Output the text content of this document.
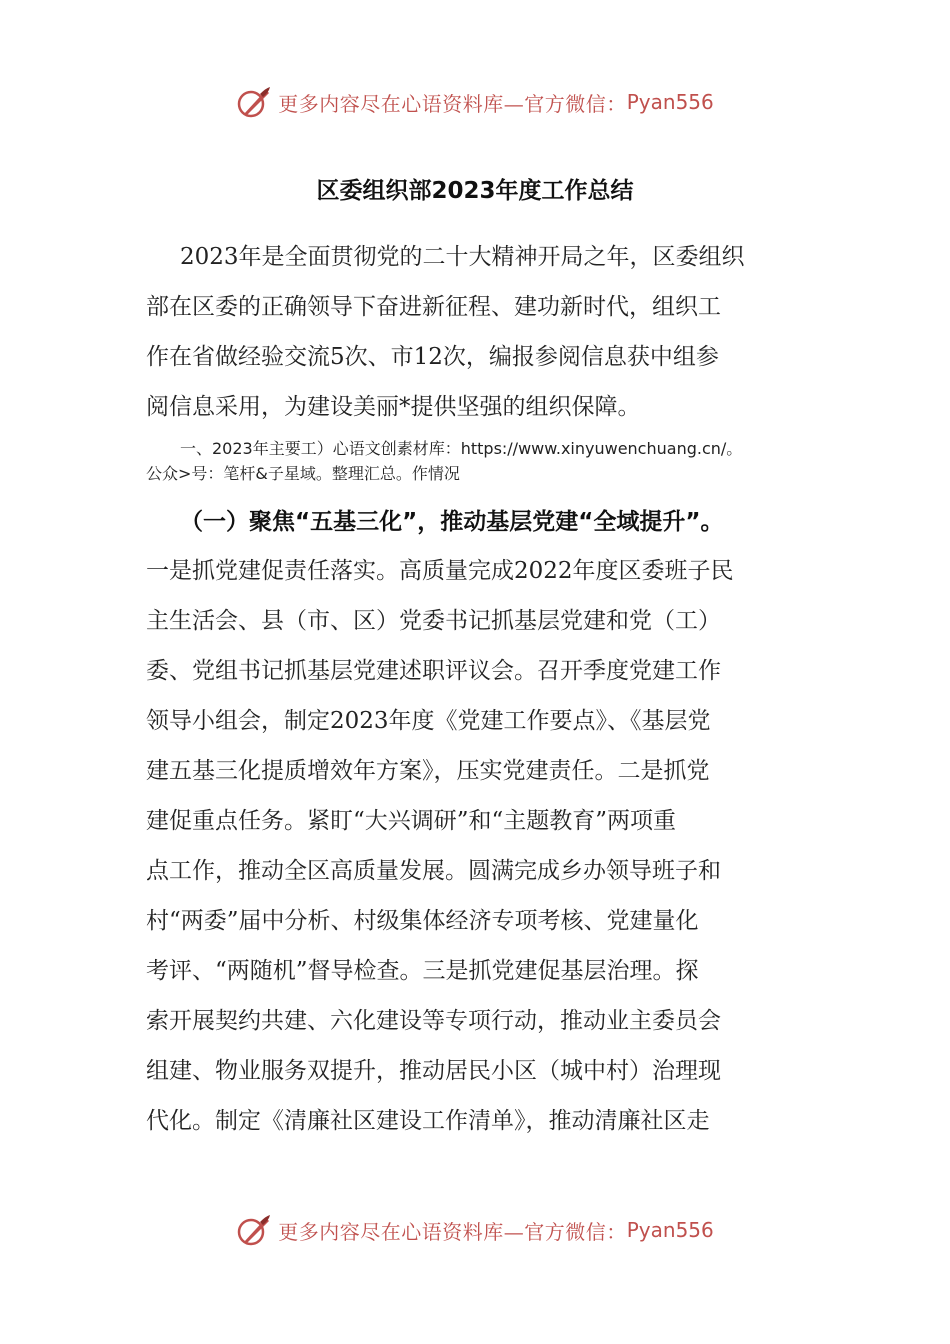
更多内容尽在心语资料库—官方微信： Pyan556
区委组织部2023年度工作总结
2023年是全面贯彻党的二十大精神开局之年，区委组织
部在区委的正确领导下奋进新征程、建功新时代，组织工
作在省做经验交流5次、市12次，编报参阅信息获中组参
阅信息采用，为建设美丽*提供坚强的组织保障。
一、2023年主要工）心语文创素材库：https://www.xinyuwenchuang.cn/。
公众>号：笔杆&子星域。整理汇总。作情况
（一）聚焦“五基三化”，推动基层党建“全域提升”。
一是抓党建促责任落实。高质量完成2022年度区委班子民
主生活会、县（市、区）党委书记抓基层党建和党（工）
委、党组书记抓基层党建述职评议会。召开季度党建工作
领导小组会，制定2023年度《党建工作要点》、《基层党
建五基三化提质增效年方案》，压实党建责任。二是抓党
建促重点任务。紧盯“大兴调研”和“主题教育”两项重
点工作，推动全区高质量发展。圆满完成乡办领导班子和
村“两委”届中分析、村级集体经济专项考核、党建量化
考评、“两随机”督导检查。三是抓党建促基层治理。探
索开展契约共建、六化建设等专项行动，推动业主委员会
组建、物业服务双提升，推动居民小区（城中村）治理现
代化。制定《清廉社区建设工作清单》，推动清廉社区走
更多内容尽在心语资料库—官方微信： Pyan556
